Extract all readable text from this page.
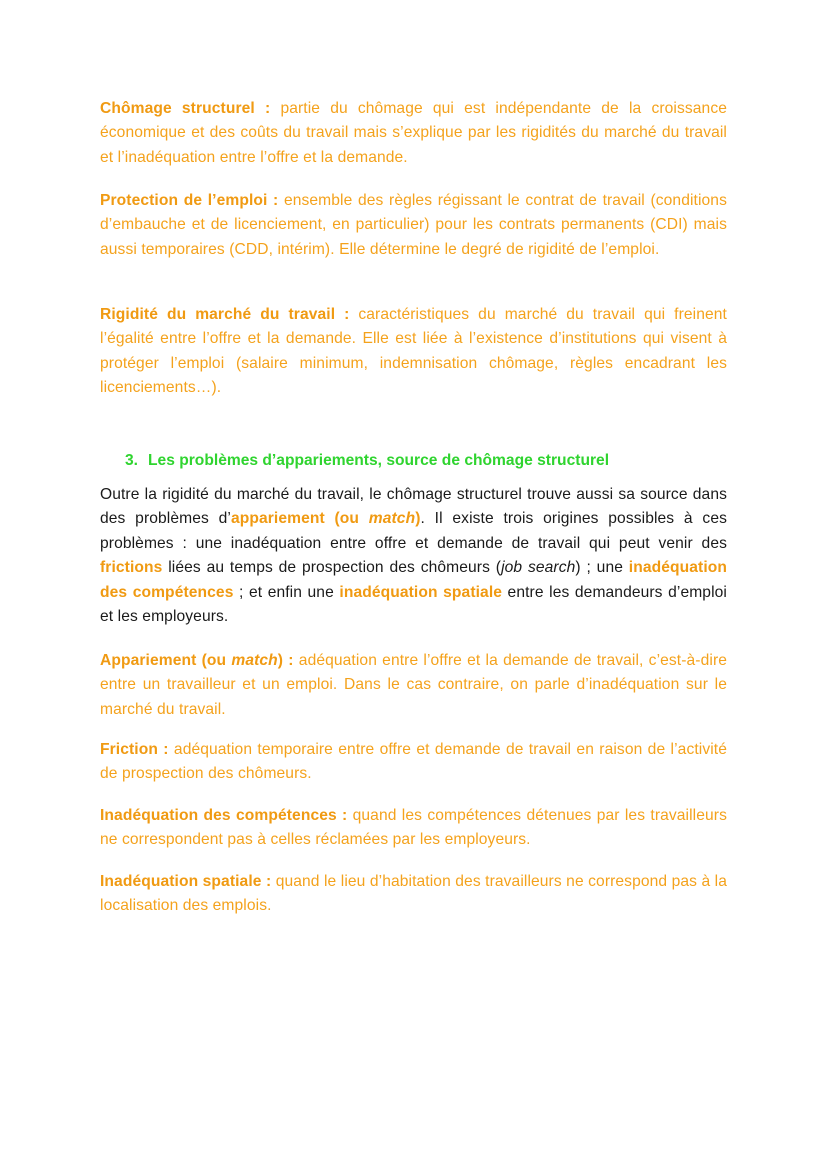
Chômage structurel : partie du chômage qui est indépendante de la croissance économique et des coûts du travail mais s’explique par les rigidités du marché du travail et l’inadéquation entre l’offre et la demande.

Protection de l’emploi : ensemble des règles régissant le contrat de travail (conditions d’embauche et de licenciement, en particulier) pour les contrats permanents (CDI) mais aussi temporaires (CDD, intérim). Elle détermine le degré de rigidité de l’emploi.

Rigidité du marché du travail : caractéristiques du marché du travail qui freinent l’égalité entre l’offre et la demande. Elle est liée à l’existence d’institutions qui visent à protéger l’emploi (salaire minimum, indemnisation chômage, règles encadrant les licenciements…).

3. Les problèmes d’appariements, source de chômage structurel

Outre la rigidité du marché du travail, le chômage structurel trouve aussi sa source dans des problèmes d’appariement (ou match). Il existe trois origines possibles à ces problèmes : une inadéquation entre offre et demande de travail qui peut venir des frictions liées au temps de prospection des chômeurs (job search) ; une inadéquation des compétences ; et enfin une inadéquation spatiale entre les demandeurs d’emploi et les employeurs.

Appariement (ou match) : adéquation entre l’offre et la demande de travail, c’est-à-dire entre un travailleur et un emploi. Dans le cas contraire, on parle d’inadéquation sur le marché du travail.

Friction : adéquation temporaire entre offre et demande de travail en raison de l’activité de prospection des chômeurs.

Inadéquation des compétences : quand les compétences détenues par les travailleurs ne correspondent pas à celles réclamées par les employeurs.

Inadéquation spatiale : quand le lieu d’habitation des travailleurs ne correspond pas à la localisation des emplois.
